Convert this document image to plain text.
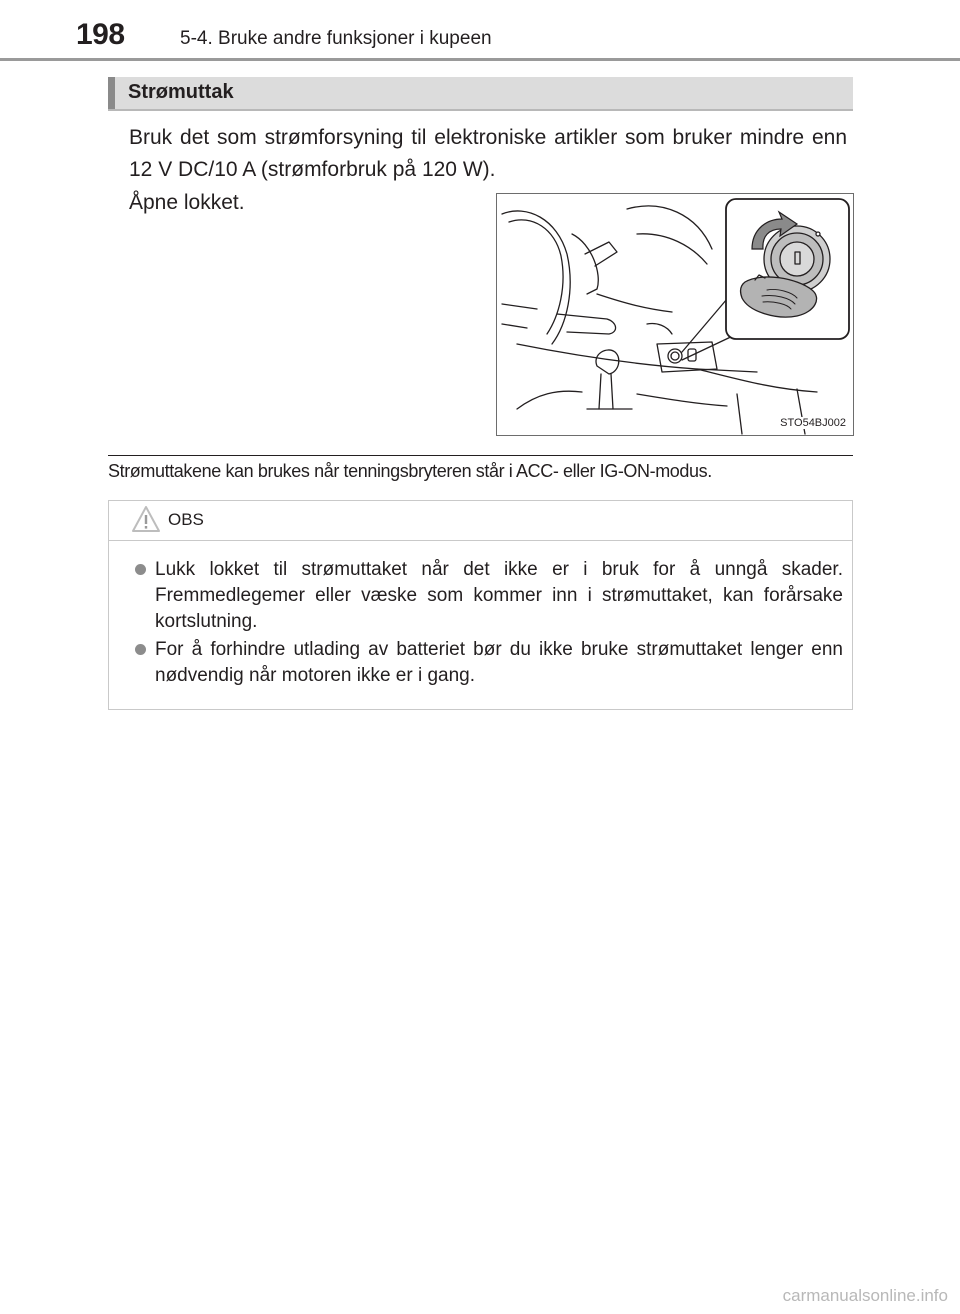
198	5-4. Bruke andre funksjoner i kupeen
Strømuttak

Bruk det som strømforsyning til elektroniske artikler som bruker mindre enn 12 V DC/10 A (strømforbruk på 120 W).

Åpne lokket.

STO54BJ002

Strømuttakene kan brukes når tenningsbryteren står i ACC- eller IG-ON-modus.

OBS

Lukk lokket til strømuttaket når det ikke er i bruk for å unngå skader. Fremmedlegemer eller væske som kommer inn i strømuttaket, kan forårsake kortslutning.

For å forhindre utlading av batteriet bør du ikke bruke strømuttaket lenger enn nødvendig når motoren ikke er i gang.

carmanualsonline.info
